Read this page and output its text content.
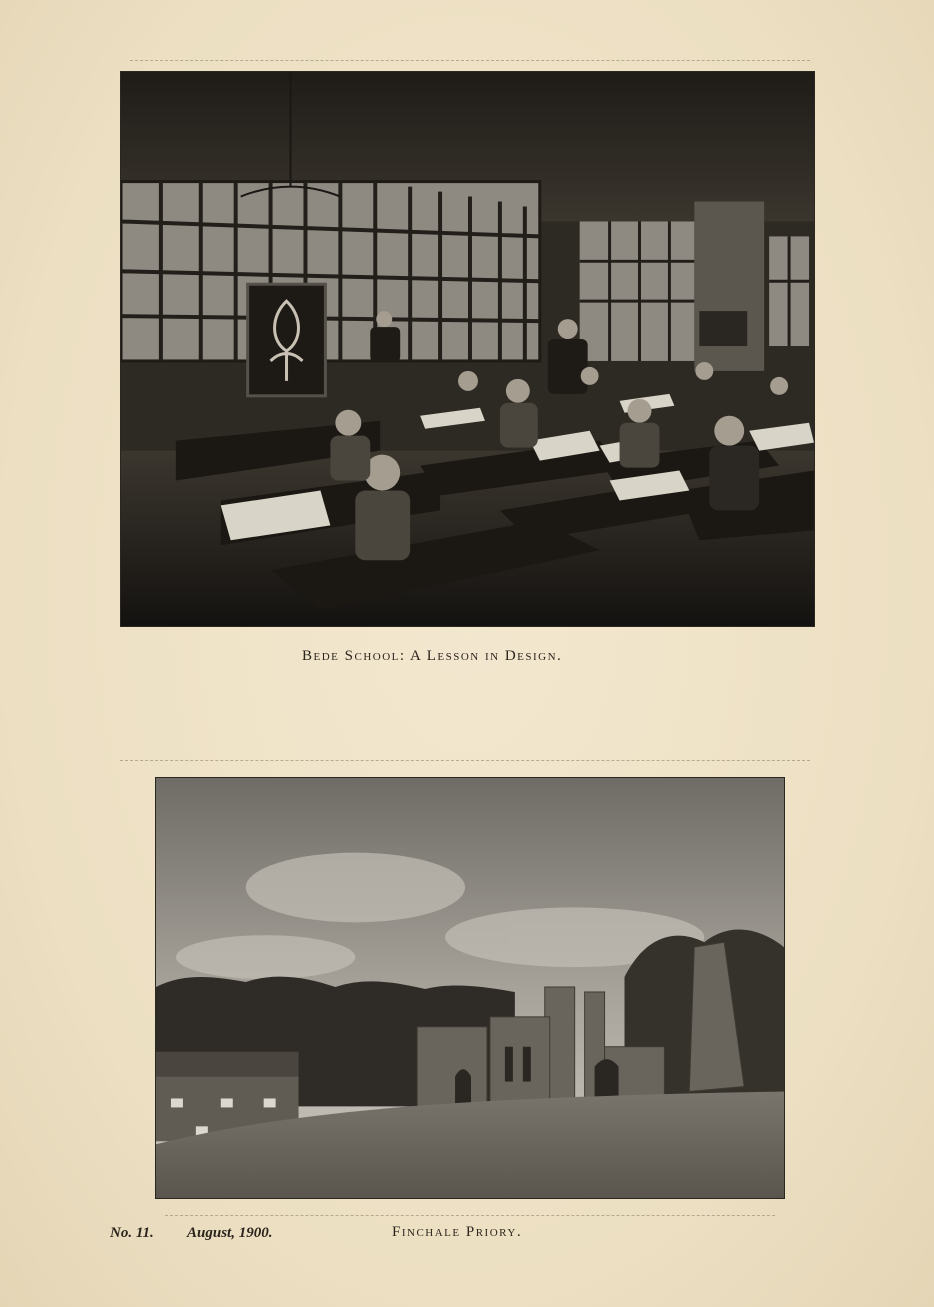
Bede School: A Lesson in Design.
No. 11. August, 1900.	Finchale Priory.
